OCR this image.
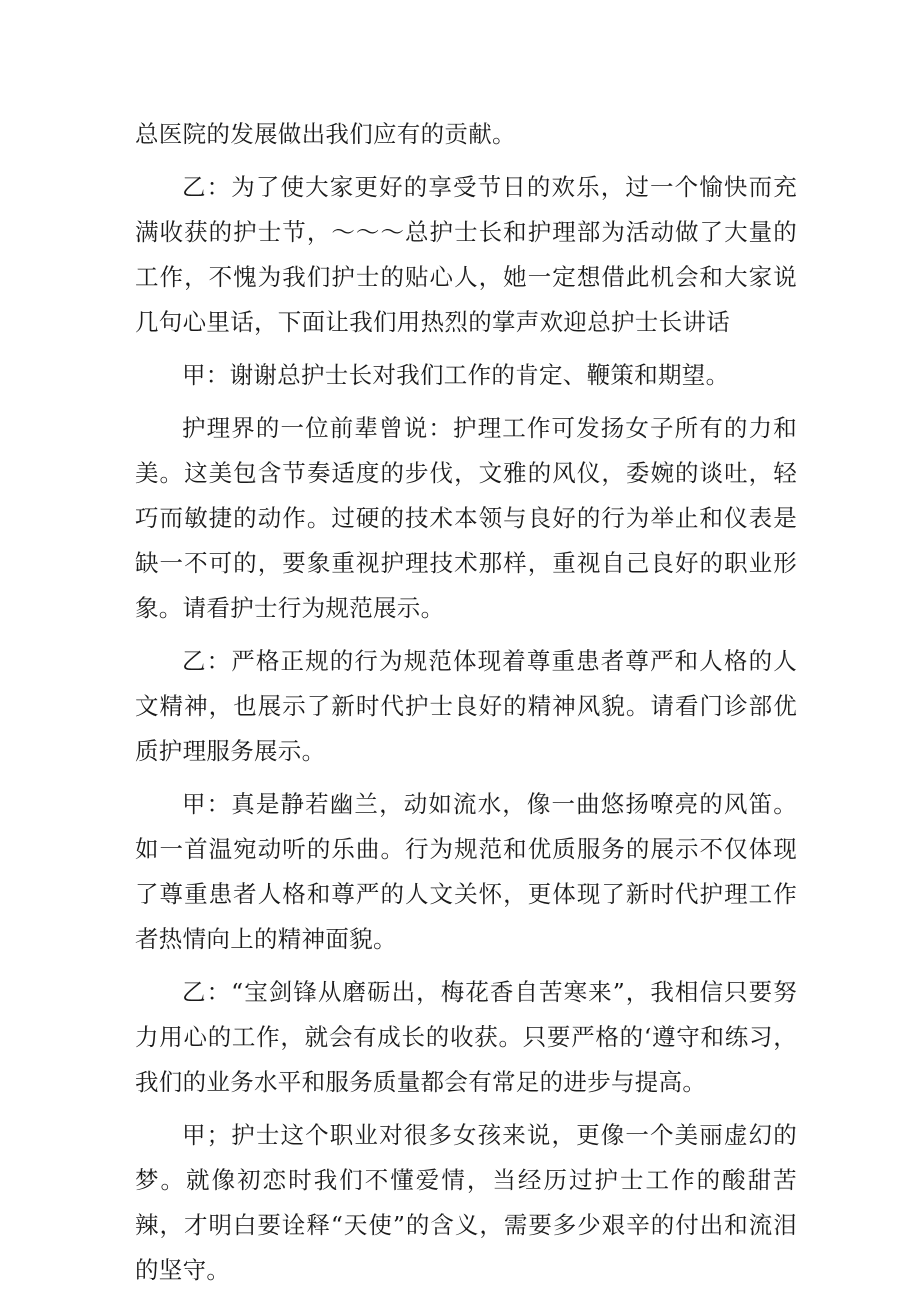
总医院的发展做出我们应有的贡献。

乙：为了使大家更好的享受节日的欢乐，过一个愉快而充满收获的护士节，～～～总护士长和护理部为活动做了大量的工作，不愧为我们护士的贴心人，她一定想借此机会和大家说几句心里话，下面让我们用热烈的掌声欢迎总护士长讲话

甲：谢谢总护士长对我们工作的肯定、鞭策和期望。

护理界的一位前辈曾说：护理工作可发扬女子所有的力和美。这美包含节奏适度的步伐，文雅的风仪，委婉的谈吐，轻巧而敏捷的动作。过硬的技术本领与良好的行为举止和仪表是缺一不可的，要象重视护理技术那样，重视自己良好的职业形象。请看护士行为规范展示。

乙：严格正规的行为规范体现着尊重患者尊严和人格的人文精神，也展示了新时代护士良好的精神风貌。请看门诊部优质护理服务展示。

甲：真是静若幽兰，动如流水，像一曲悠扬嘹亮的风笛。如一首温宛动听的乐曲。行为规范和优质服务的展示不仅体现了尊重患者人格和尊严的人文关怀，更体现了新时代护理工作者热情向上的精神面貌。

乙：“宝剑锋从磨砺出，梅花香自苦寒来”，我相信只要努力用心的工作，就会有成长的收获。只要严格的‘遵守和练习，我们的业务水平和服务质量都会有常足的进步与提高。

甲；护士这个职业对很多女孩来说，更像一个美丽虚幻的梦。就像初恋时我们不懂爱情，当经历过护士工作的酸甜苦辣，才明白要诠释“天使”的含义，需要多少艰辛的付出和流泪的坚守。
